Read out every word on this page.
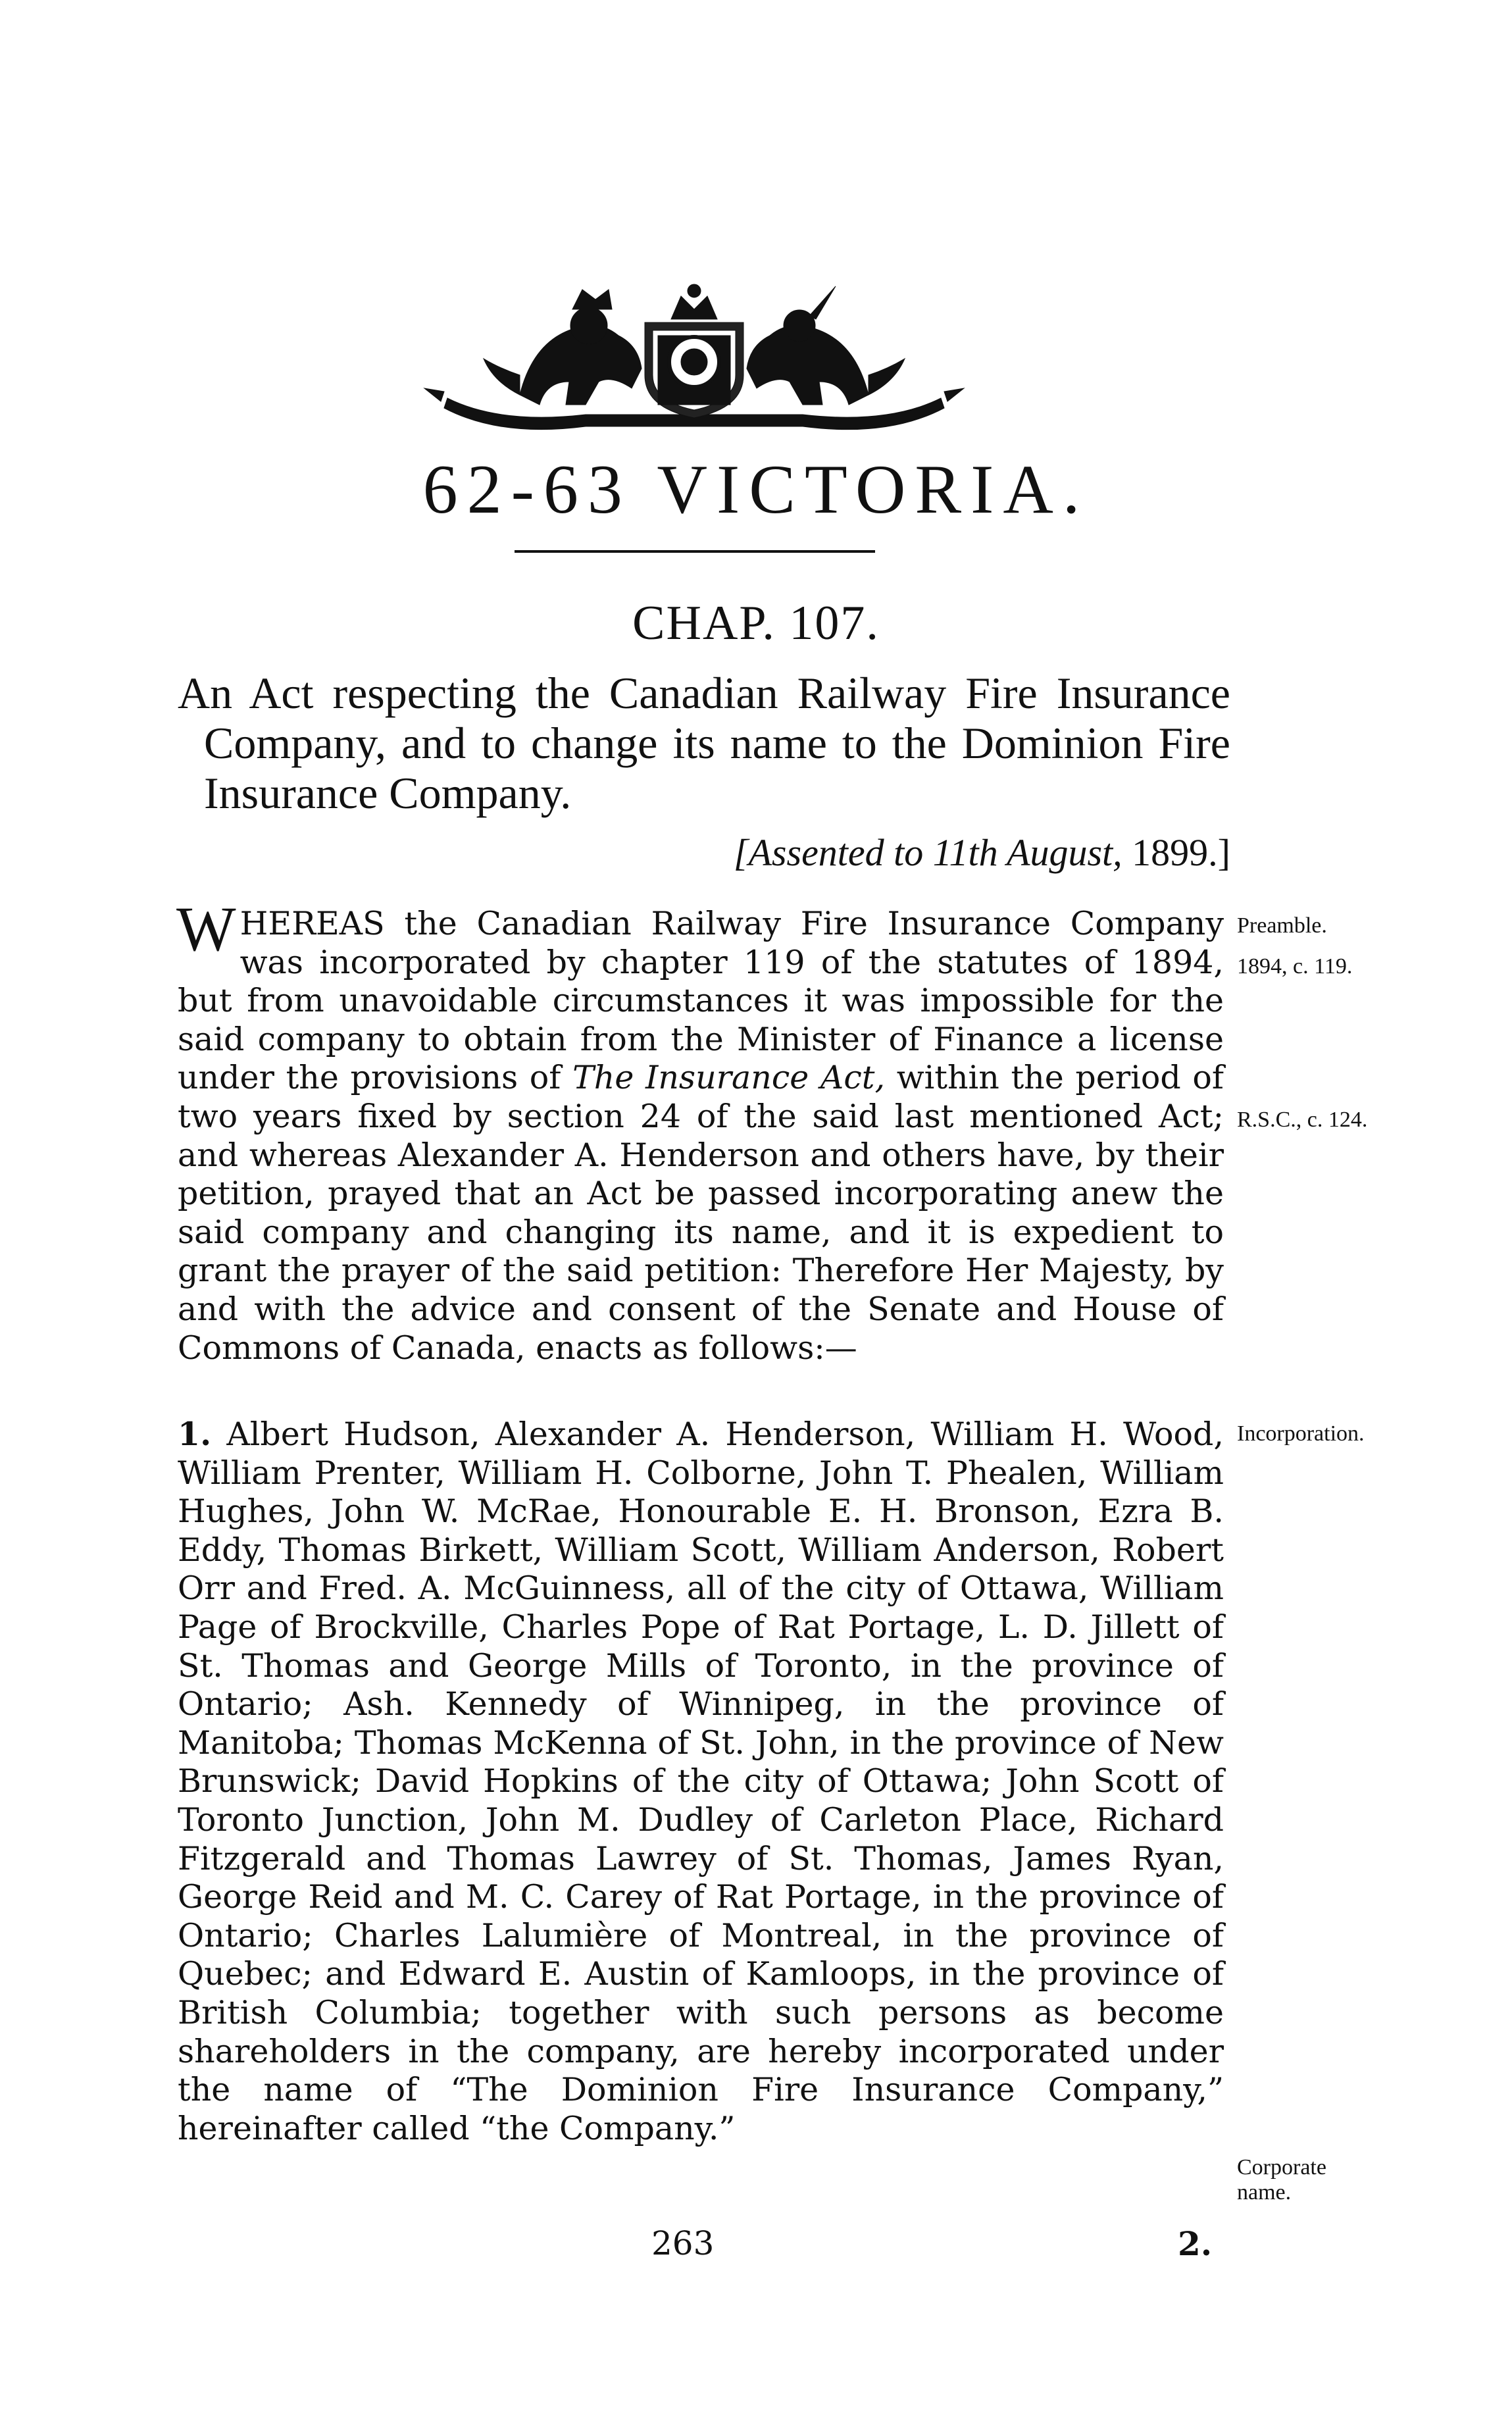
62-63 VICTORIA.
CHAP. 107.
An Act respecting the Canadian Railway Fire Insurance Company, and to change its name to the Dominion Fire Insurance Company.
[Assented to 11th August, 1899.]
WHEREAS the Canadian Railway Fire Insurance Company was incorporated by chapter 119 of the statutes of 1894, but from unavoidable circumstances it was impossible for the said company to obtain from the Minister of Finance a license under the provisions of The Insurance Act, within the period of two years fixed by section 24 of the said last mentioned Act; and whereas Alexander A. Henderson and others have, by their petition, prayed that an Act be passed incorporating anew the said company and changing its name, and it is expedient to grant the prayer of the said petition: Therefore Her Majesty, by and with the advice and consent of the Senate and House of Commons of Canada, enacts as follows:—
1. Albert Hudson, Alexander A. Henderson, William H. Wood, William Prenter, William H. Colborne, John T. Phealen, William Hughes, John W. McRae, Honourable E. H. Bronson, Ezra B. Eddy, Thomas Birkett, William Scott, William Anderson, Robert Orr and Fred. A. McGuinness, all of the city of Ottawa, William Page of Brockville, Charles Pope of Rat Portage, L. D. Jillett of St. Thomas and George Mills of Toronto, in the province of Ontario; Ash. Kennedy of Winnipeg, in the province of Manitoba; Thomas McKenna of St. John, in the province of New Brunswick; David Hopkins of the city of Ottawa; John Scott of Toronto Junction, John M. Dudley of Carleton Place, Richard Fitzgerald and Thomas Lawrey of St. Thomas, James Ryan, George Reid and M. C. Carey of Rat Portage, in the province of Ontario; Charles Lalumière of Montreal, in the province of Quebec; and Edward E. Austin of Kamloops, in the province of British Columbia; together with such persons as become shareholders in the company, are hereby incorporated under the name of “The Dominion Fire Insurance Company,” hereinafter called “the Company.”
Preamble.
1894, c. 119.
R.S.C., c. 124.
Incorporation.
Corporate name.
263	2.
